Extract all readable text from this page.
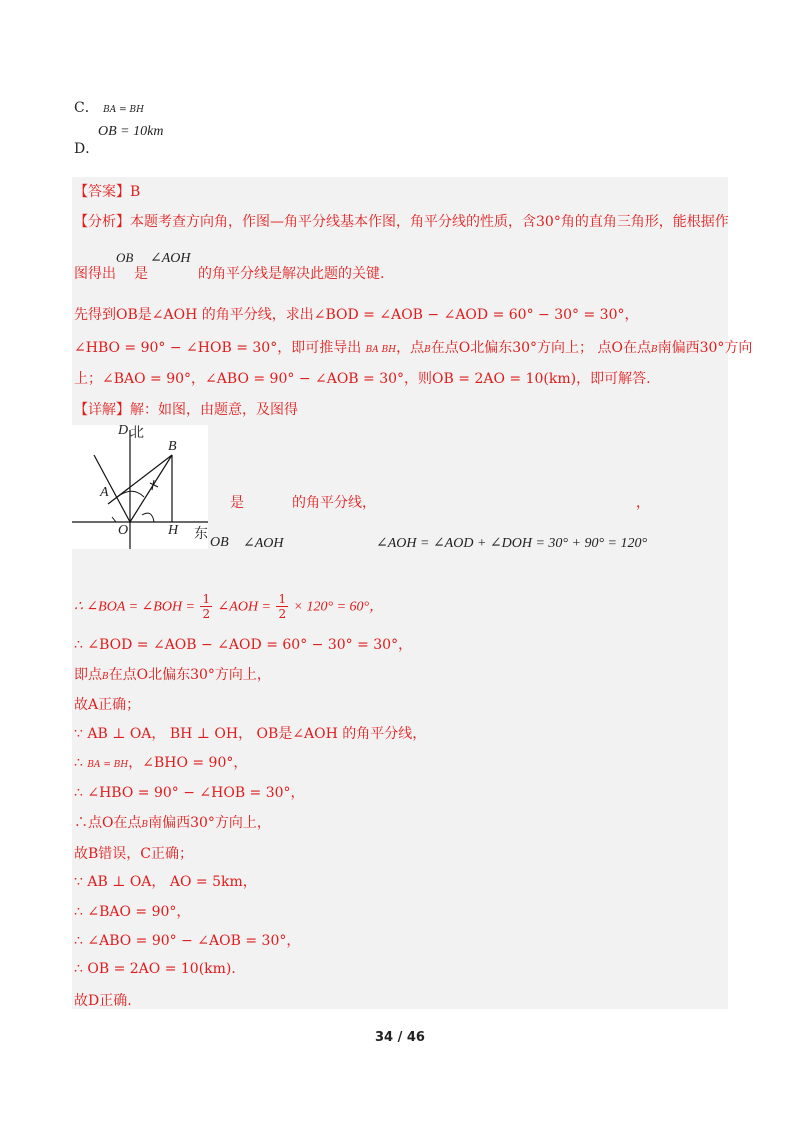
C． BA = BH
D．
OB = 10km
【答案】B
【分析】本题考查方向角，作图—角平分线基本作图，角平分线的性质，含30°角的直角三角形，能根据作
图得出
OB
是
∠AOH
的角平分线是解决此题的关键.
先得到OB是∠AOH 的角平分线，求出∠BOD = ∠AOB − ∠AOD = 60° − 30° = 30°，
∠HBO = 90° − ∠HOB = 30°，即可推导出 BA BH，点B在点O北偏东30°方向上； 点O在点B南偏西30°方向
上；∠BAO = 90°，∠ABO = 90° − ∠AOB = 30°，则OB = 2AO = 10(km)，即可解答.
【详解】解：如图，由题意，及图得
D 北
B
A
O	H 东
是	的角平分线，	，
OB ∠AOH	∠AOH = ∠AOD + ∠DOH = 30° + 90° = 120°
∴ ∠BOA = ∠BOH = $\frac{1}{2}$ ∠AOH = $\frac{1}{2} \times 120^\circ = 60^\circ$，
∴ ∠BOD = ∠AOB − ∠AOD = 60° − 30° = 30°，
即点B在点O北偏东30°方向上，
故A正确；
∵ AB ⊥ OA， BH ⊥ OH， OB是∠AOH 的角平分线，
∴ BA = BH，∠BHO = 90°，
∴ ∠HBO = 90° − ∠HOB = 30°，
∴点O在点B南偏西30°方向上，
故B错误，C正确；
∵ AB ⊥ OA， AO = 5km，
∴ ∠BAO = 90°，
∴ ∠ABO = 90° − ∠AOB = 30°，
∴ OB = 2AO = 10(km)．
故D正确.
34 / 46
